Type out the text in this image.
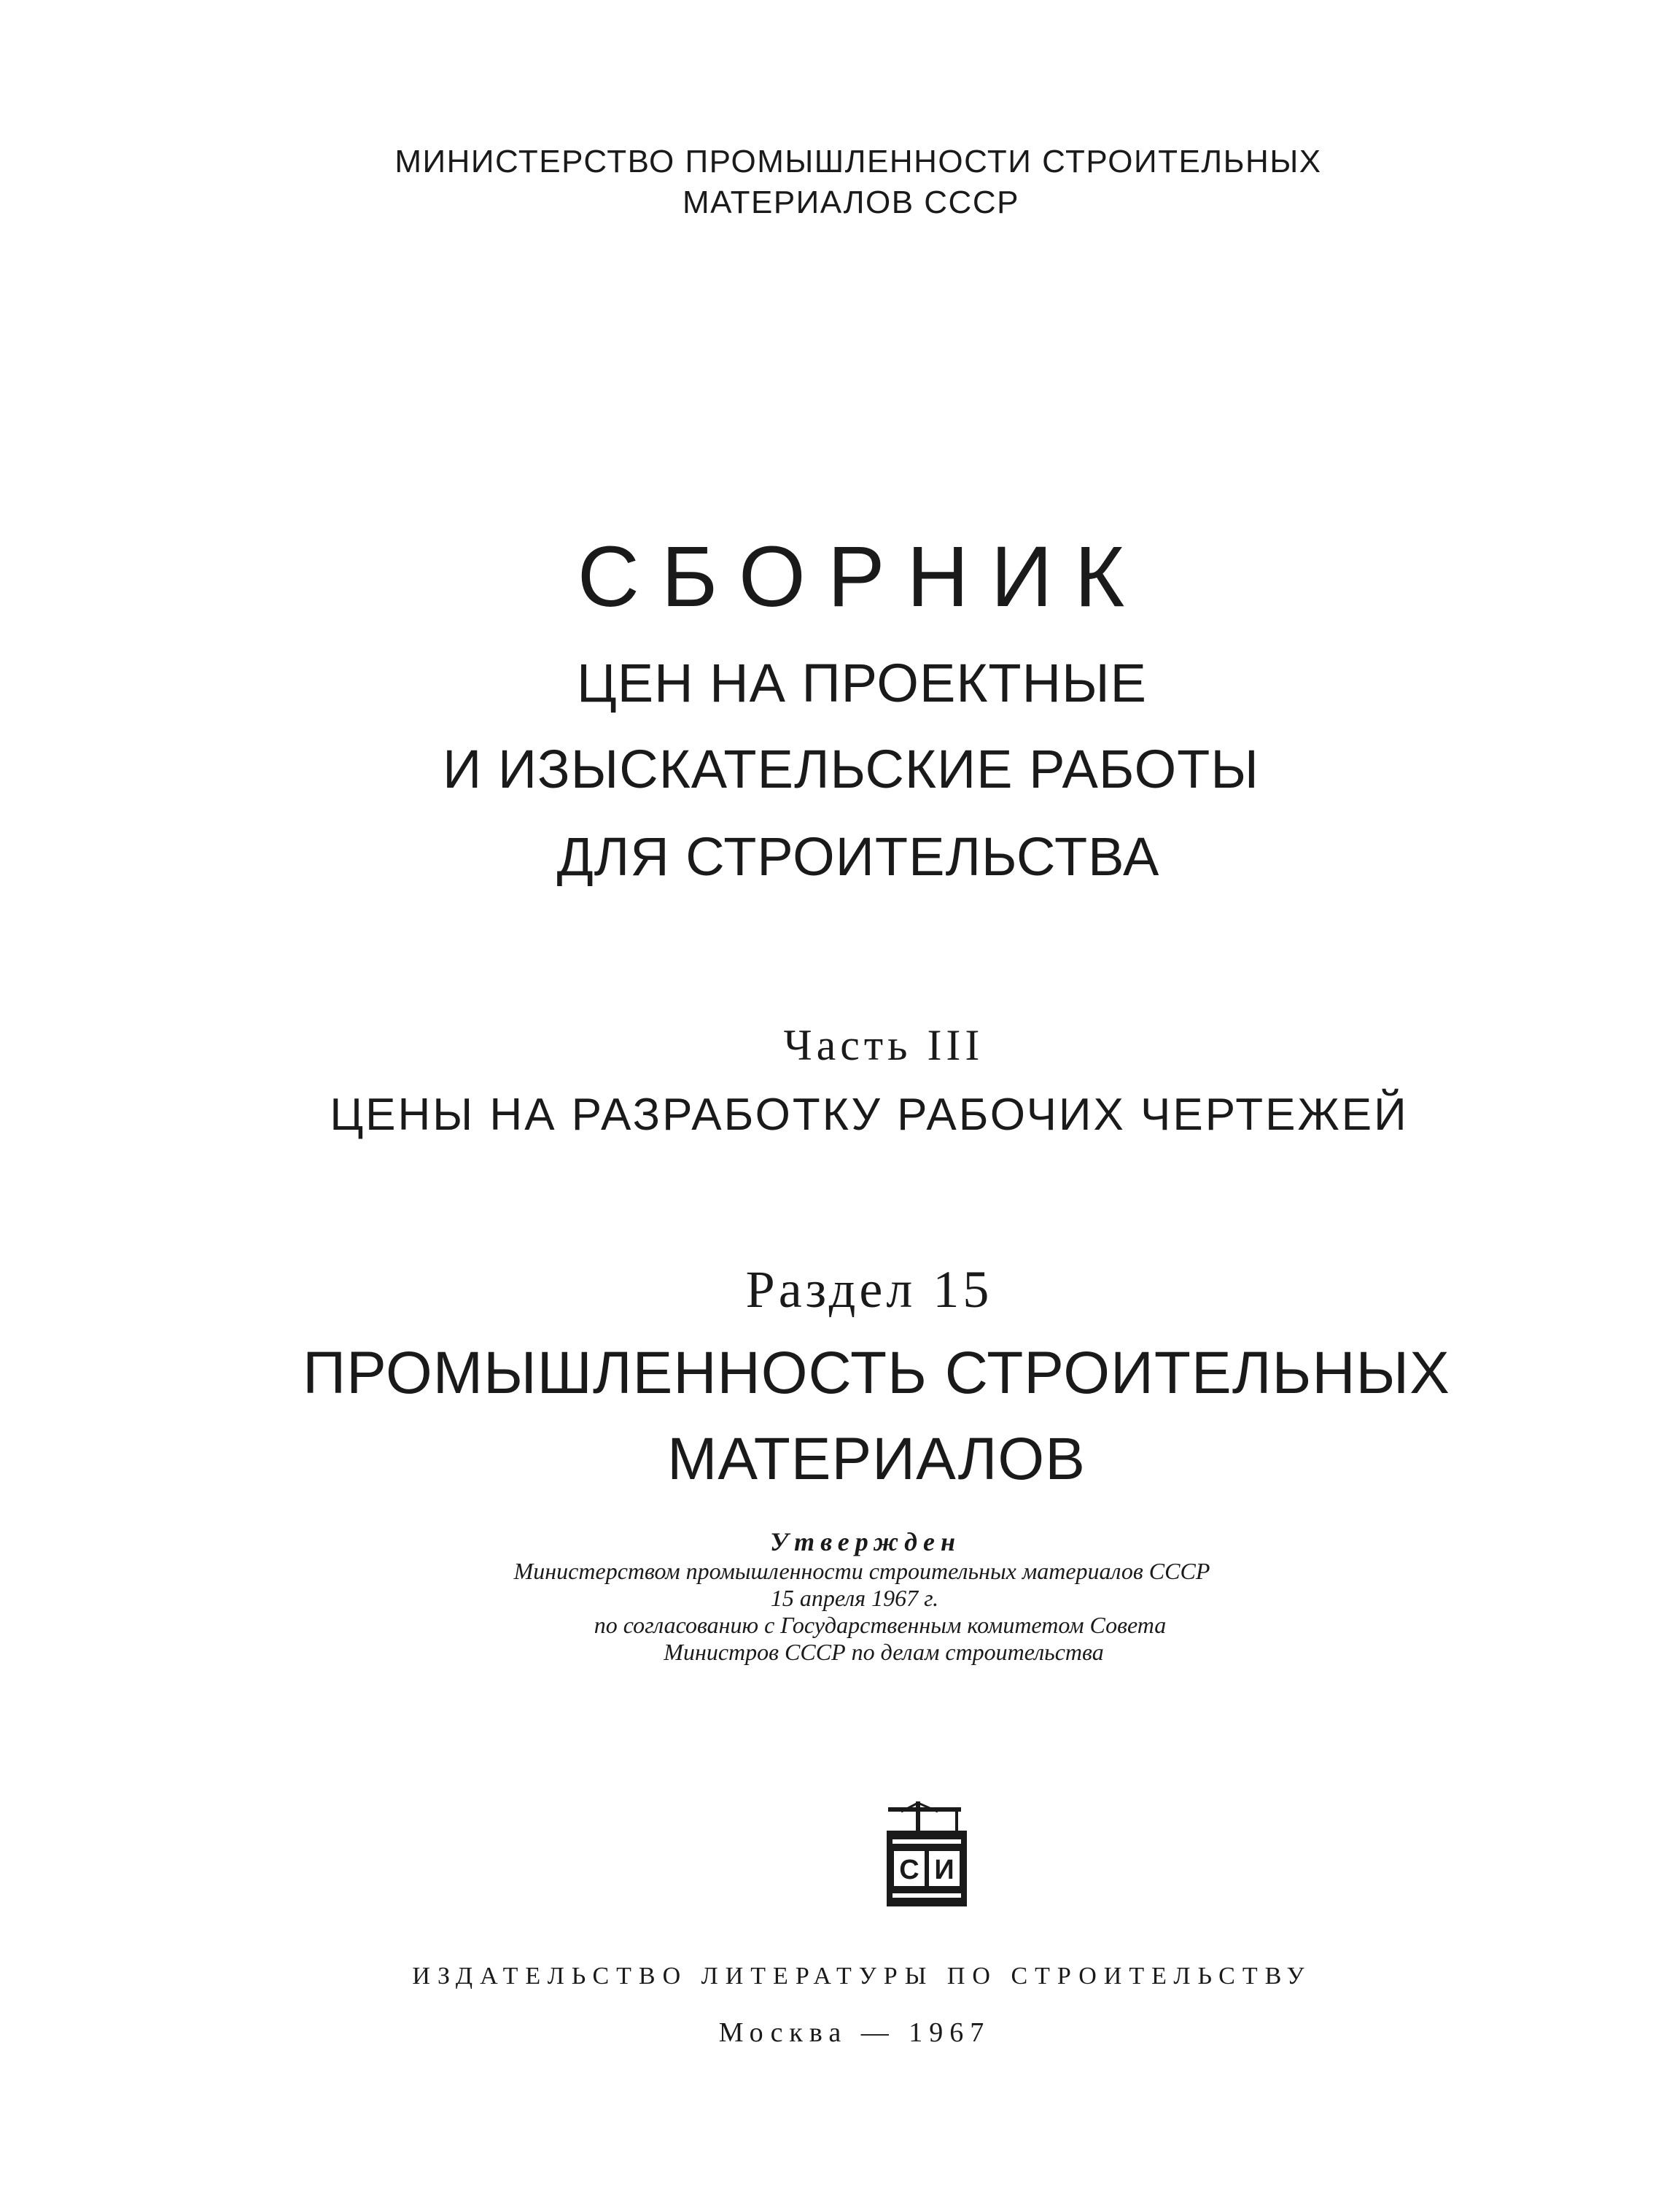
МИНИСТЕРСТВО ПРОМЫШЛЕННОСТИ СТРОИТЕЛЬНЫХ
МАТЕРИАЛОВ СССР
СБОРНИК
ЦЕН НА ПРОЕКТНЫЕ
И ИЗЫСКАТЕЛЬСКИЕ РАБОТЫ
ДЛЯ СТРОИТЕЛЬСТВА
Часть III
ЦЕНЫ НА РАЗРАБОТКУ РАБОЧИХ ЧЕРТЕЖЕЙ
Раздел 15
ПРОМЫШЛЕННОСТЬ СТРОИТЕЛЬНЫХ
МАТЕРИАЛОВ
Утвержден
Министерством промышленности строительных материалов СССР
15 апреля 1967 г.
по согласованию с Государственным комитетом Совета
Министров СССР по делам строительства
С И
ИЗДАТЕЛЬСТВО ЛИТЕРАТУРЫ ПО СТРОИТЕЛЬСТВУ
Москва — 1967
